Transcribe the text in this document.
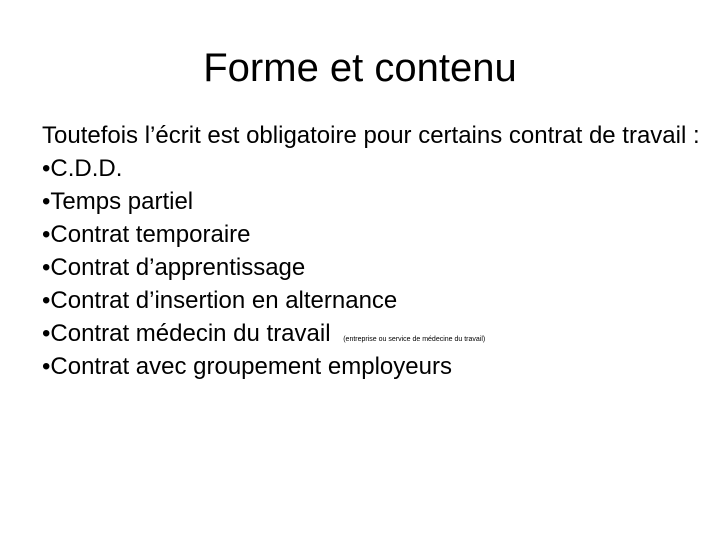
Forme et contenu

Toutefois l’écrit est obligatoire pour certains contrat de travail :

•C.D.D.
•Temps partiel
•Contrat temporaire
•Contrat d’apprentissage
•Contrat d’insertion en alternance
•Contrat médecin du travail (entreprise ou service de médecine du travail)
•Contrat avec groupement employeurs
